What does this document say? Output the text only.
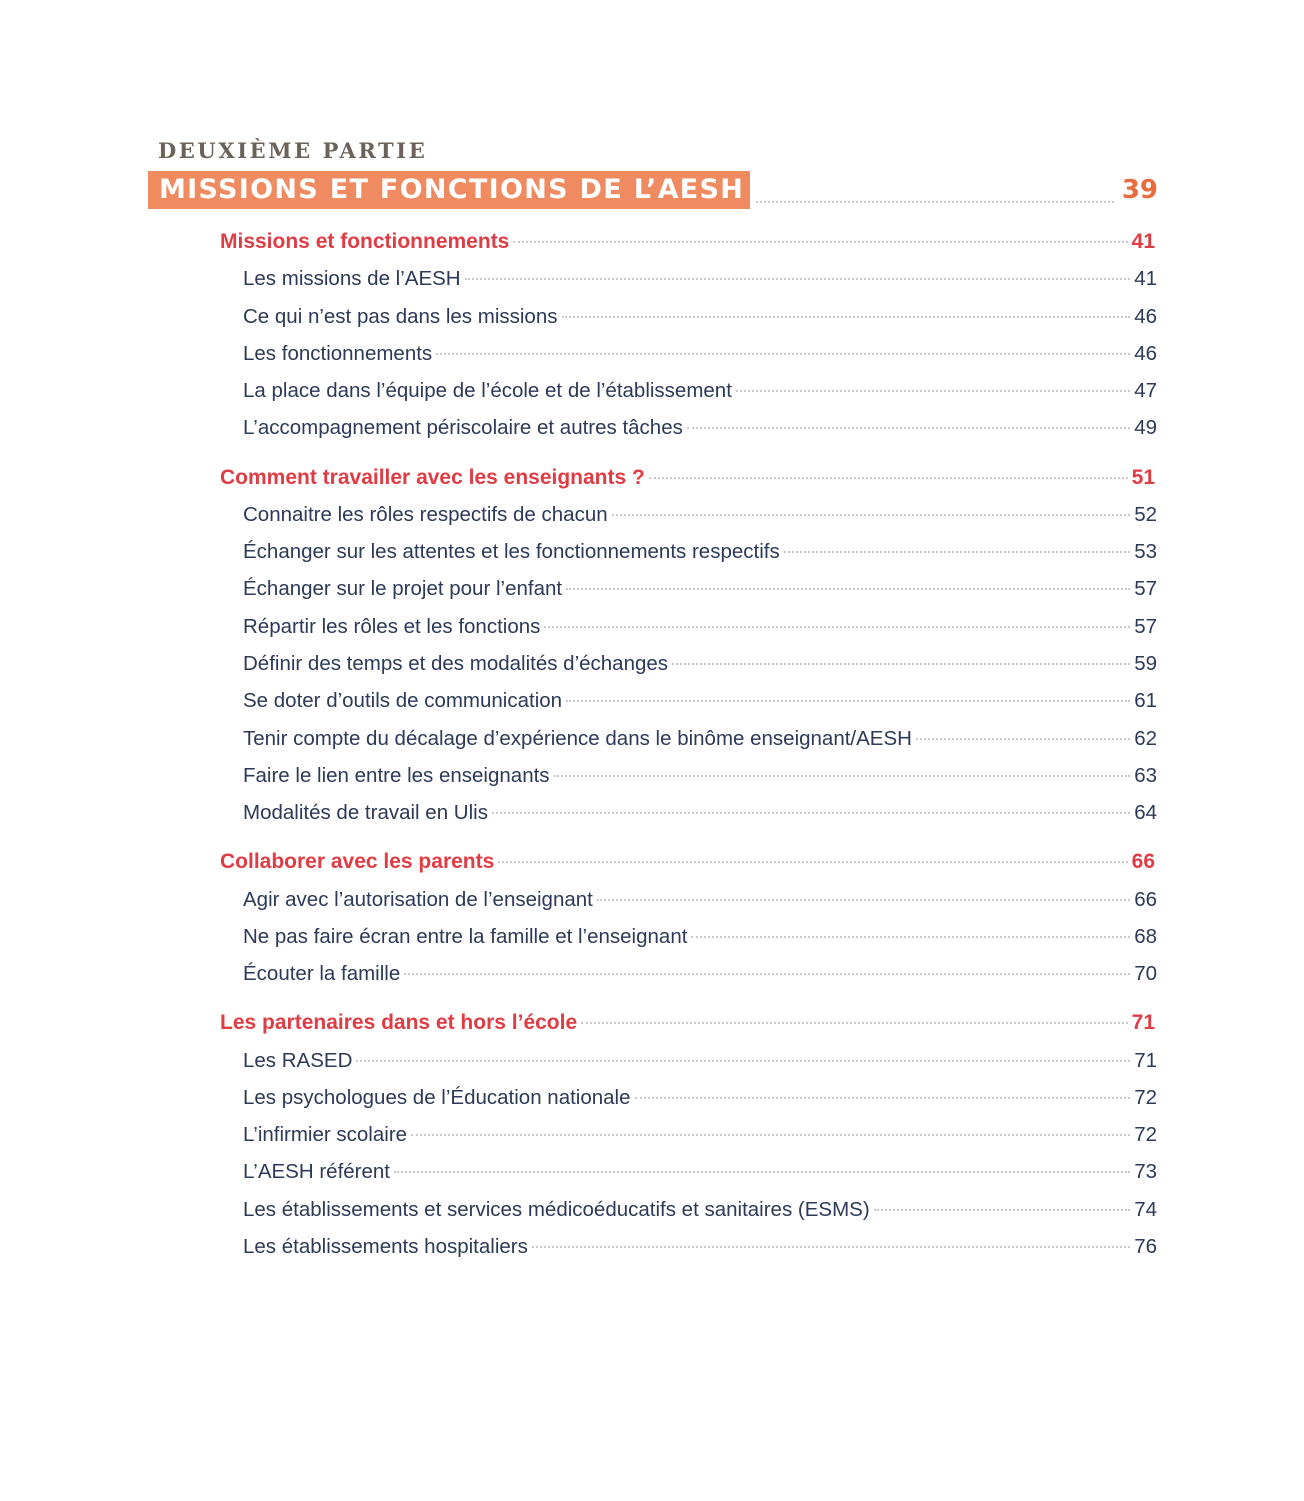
DEUXIÈME PARTIE
MISSIONS ET FONCTIONS DE L’AESH	39
Missions et fonctionnements	41
Les missions de l’AESH	41
Ce qui n’est pas dans les missions	46
Les fonctionnements	46
La place dans l’équipe de l’école et de l’établissement	47
L’accompagnement périscolaire et autres tâches	49
Comment travailler avec les enseignants ?	51
Connaitre les rôles respectifs de chacun	52
Échanger sur les attentes et les fonctionnements respectifs	53
Échanger sur le projet pour l’enfant	57
Répartir les rôles et les fonctions	57
Définir des temps et des modalités d’échanges	59
Se doter d’outils de communication	61
Tenir compte du décalage d’expérience dans le binôme enseignant/AESH	62
Faire le lien entre les enseignants	63
Modalités de travail en Ulis	64
Collaborer avec les parents	66
Agir avec l’autorisation de l’enseignant	66
Ne pas faire écran entre la famille et l’enseignant	68
Écouter la famille	70
Les partenaires dans et hors l’école	71
Les RASED	71
Les psychologues de l’Éducation nationale	72
L’infirmier scolaire	72
L’AESH référent	73
Les établissements et services médicoéducatifs et sanitaires (ESMS)	74
Les établissements hospitaliers	76
